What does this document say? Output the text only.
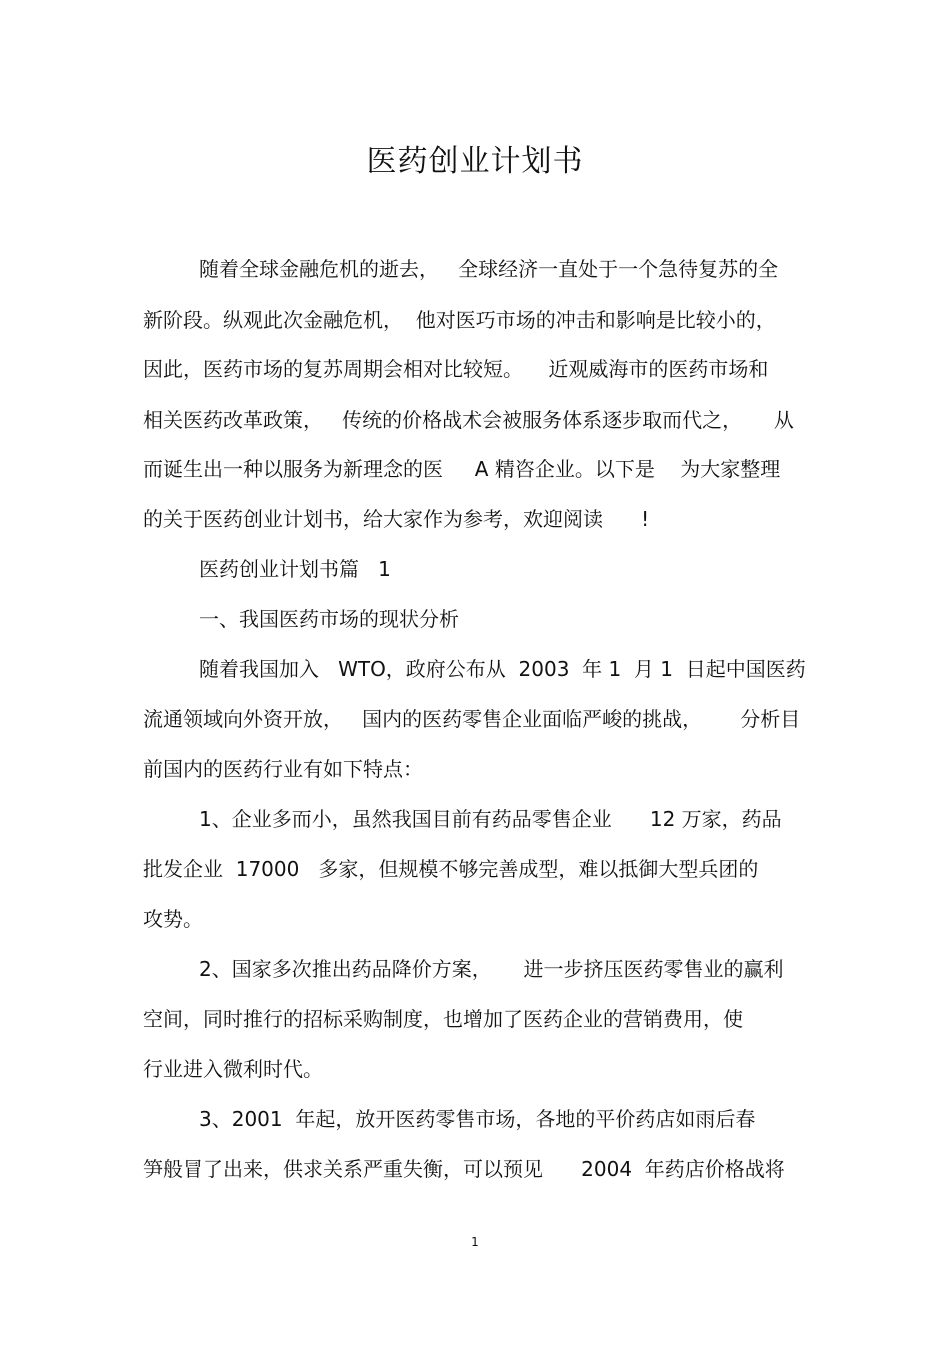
医药创业计划书
随着全球金融危机的逝去，   全球经济一直处于一个急待复苏的全
新阶段。纵观此次金融危机，  他对医巧市场的冲击和影响是比较小的，
因此，医药市场的复苏周期会相对比较短。    近观威海市的医药市场和
相关医药改革政策，   传统的价格战术会被服务体系逐步取而代之，     从
而诞生出一种以服务为新理念的医     A 精咨企业。以下是    为大家整理
的关于医药创业计划书，给大家作为参考，欢迎阅读      !
医药创业计划书篇   1
一、我国医药市场的现状分析
随着我国加入   WTO，政府公布从  2003  年 1  月 1  日起中国医药
流通领域向外资开放，   国内的医药零售企业面临严峻的挑战，      分析目
前国内的医药行业有如下特点：
1、企业多而小，虽然我国目前有药品零售企业      12 万家，药品
批发企业  17000   多家，但规模不够完善成型，难以抵御大型兵团的
攻势。
2、国家多次推出药品降价方案，     进一步挤压医药零售业的赢利
空间，同时推行的招标采购制度，也增加了医药企业的营销费用，使
行业进入微利时代。
3、2001  年起，放开医药零售市场，各地的平价药店如雨后春
笋般冒了出来，供求关系严重失衡，可以预见      2004  年药店价格战将
1
